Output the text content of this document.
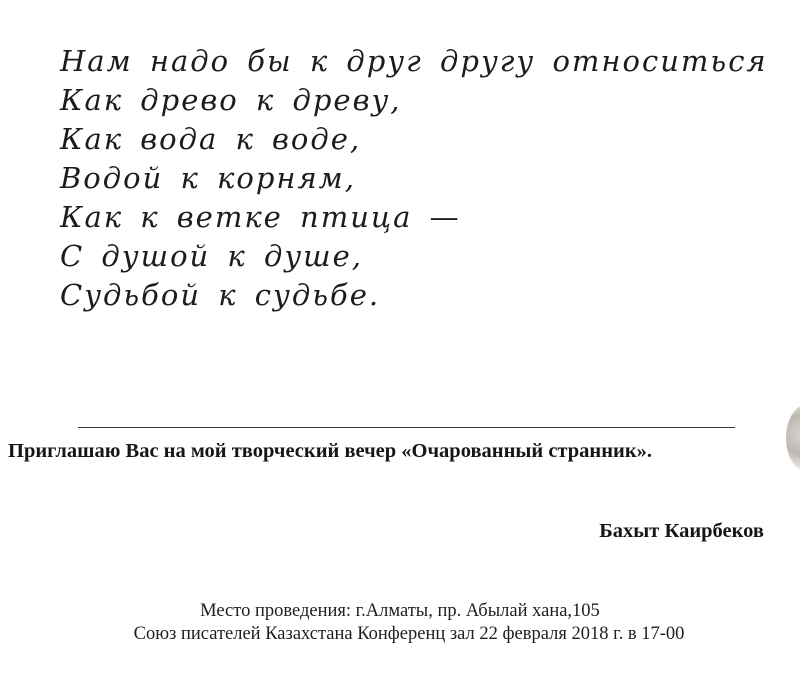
Нам надо бы к друг другу относиться
Как древо к древу,
Как вода к воде,
Водой к корням,
Как к ветке птица —
С душой к душе,
Судьбой к судьбе.
Приглашаю Вас на мой творческий вечер «Очарованный странник».
Бахыт Каирбеков
Место проведения: г.Алматы, пр. Абылай хана,105
Союз писателей Казахстана Конференц зал 22 февраля 2018 г. в 17-00
